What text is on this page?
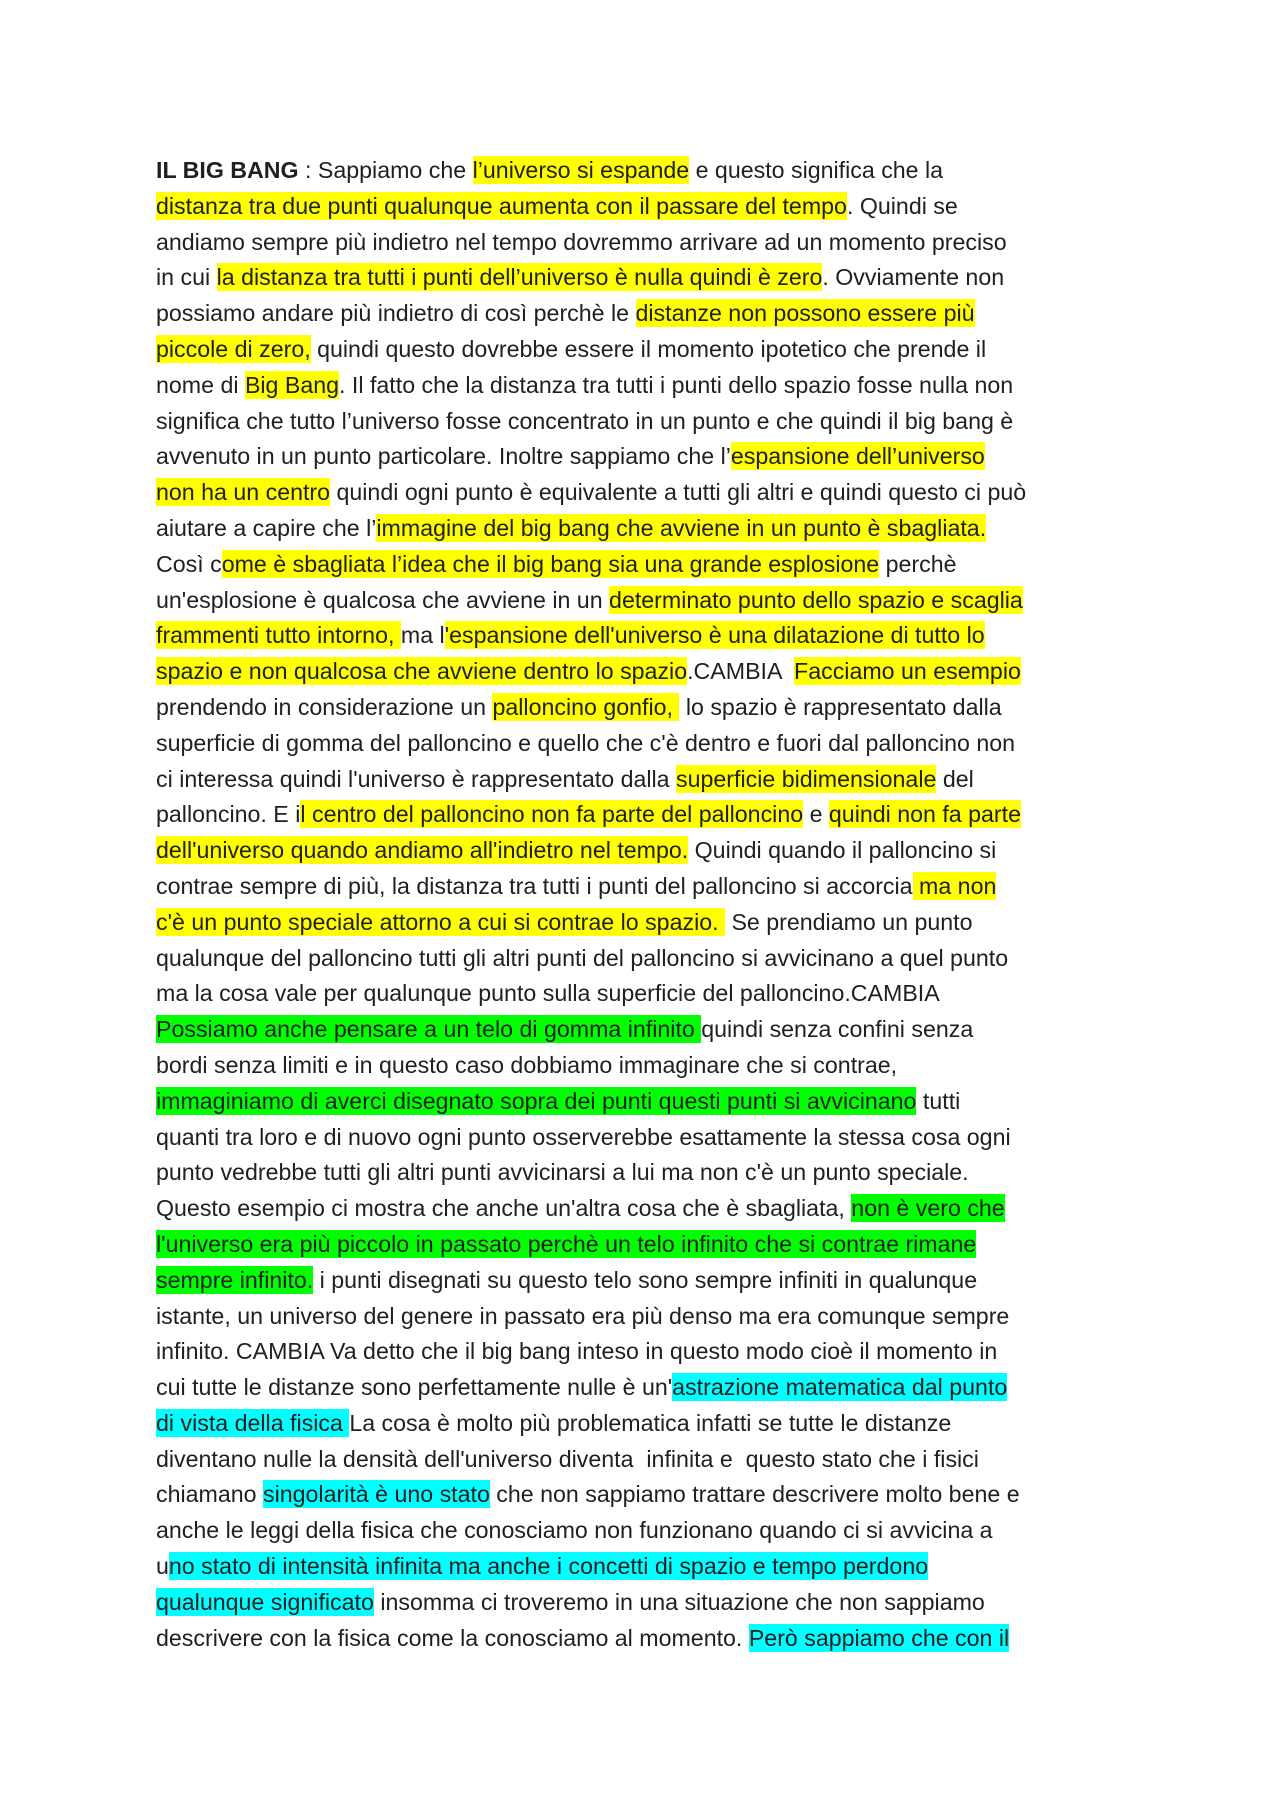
IL BIG BANG : Sappiamo che l’universo si espande e questo significa che la
distanza tra due punti qualunque aumenta con il passare del tempo. Quindi se
andiamo sempre più indietro nel tempo dovremmo arrivare ad un momento preciso
in cui la distanza tra tutti i punti dell’universo è nulla quindi è zero. Ovviamente non
possiamo andare più indietro di così perchè le distanze non possono essere più
piccole di zero, quindi questo dovrebbe essere il momento ipotetico che prende il
nome di Big Bang. Il fatto che la distanza tra tutti i punti dello spazio fosse nulla non
significa che tutto l’universo fosse concentrato in un punto e che quindi il big bang è
avvenuto in un punto particolare. Inoltre sappiamo che l’espansione dell’universo
non ha un centro quindi ogni punto è equivalente a tutti gli altri e quindi questo ci può
aiutare a capire che l’immagine del big bang che avviene in un punto è sbagliata.
Così come è sbagliata l’idea che il big bang sia una grande esplosione perchè
un'esplosione è qualcosa che avviene in un determinato punto dello spazio e scaglia
frammenti tutto intorno, ma l'espansione dell'universo è una dilatazione di tutto lo
spazio e non qualcosa che avviene dentro lo spazio.CAMBIA  Facciamo un esempio
prendendo in considerazione un palloncino gonfio,  lo spazio è rappresentato dalla
superficie di gomma del palloncino e quello che c'è dentro e fuori dal palloncino non
ci interessa quindi l'universo è rappresentato dalla superficie bidimensionale del
palloncino. E il centro del palloncino non fa parte del palloncino e quindi non fa parte
dell'universo quando andiamo all'indietro nel tempo. Quindi quando il palloncino si
contrae sempre di più, la distanza tra tutti i punti del palloncino si accorcia ma non
c'è un punto speciale attorno a cui si contrae lo spazio.  Se prendiamo un punto
qualunque del palloncino tutti gli altri punti del palloncino si avvicinano a quel punto
ma la cosa vale per qualunque punto sulla superficie del palloncino.CAMBIA
Possiamo anche pensare a un telo di gomma infinito quindi senza confini senza
bordi senza limiti e in questo caso dobbiamo immaginare che si contrae,
immaginiamo di averci disegnato sopra dei punti questi punti si avvicinano tutti
quanti tra loro e di nuovo ogni punto osserverebbe esattamente la stessa cosa ogni
punto vedrebbe tutti gli altri punti avvicinarsi a lui ma non c'è un punto speciale.
Questo esempio ci mostra che anche un'altra cosa che è sbagliata, non è vero che
l'universo era più piccolo in passato perchè un telo infinito che si contrae rimane
sempre infinito. i punti disegnati su questo telo sono sempre infiniti in qualunque
istante, un universo del genere in passato era più denso ma era comunque sempre
infinito. CAMBIA Va detto che il big bang inteso in questo modo cioè il momento in
cui tutte le distanze sono perfettamente nulle è un'astrazione matematica dal punto
di vista della fisica La cosa è molto più problematica infatti se tutte le distanze
diventano nulle la densità dell'universo diventa  infinita e  questo stato che i fisici
chiamano singolarità è uno stato che non sappiamo trattare descrivere molto bene e
anche le leggi della fisica che conosciamo non funzionano quando ci si avvicina a
uno stato di intensità infinita ma anche i concetti di spazio e tempo perdono
qualunque significato insomma ci troveremo in una situazione che non sappiamo
descrivere con la fisica come la conosciamo al momento. Però sappiamo che con il
